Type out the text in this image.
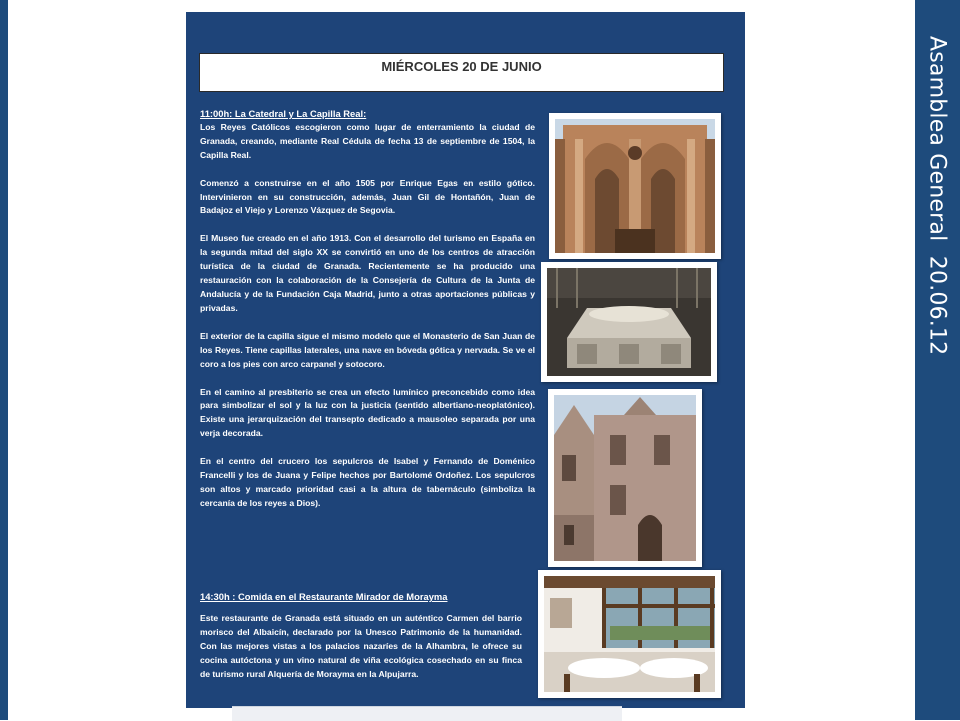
Asamblea General  20.06.12
MIÉRCOLES 20 DE JUNIO
11:00h: La Catedral y La Capilla Real:

Los Reyes Católicos escogieron como lugar de enterramiento la ciudad de Granada, creando, mediante Real Cédula de fecha 13 de septiembre de 1504, la Capilla Real.

Comenzó a construirse en el año 1505 por Enrique Egas en estilo gótico. Intervinieron en su construcción, además, Juan Gil de Hontañón, Juan de Badajoz el Viejo y Lorenzo Vázquez de Segovia.

El Museo fue creado en el año 1913. Con el desarrollo del turismo en España en la segunda mitad del siglo XX se convirtió en uno de los centros de atracción turística de la ciudad de Granada. Recientemente se ha producido una restauración con la colaboración de la Consejería de Cultura de la Junta de Andalucía y de la Fundación Caja Madrid, junto a otras aportaciones públicas y privadas.

El exterior de la capilla sigue el mismo modelo que el Monasterio de San Juan de los Reyes. Tiene capillas laterales, una nave en bóveda gótica y nervada. Se ve el coro a los pies con arco carpanel y sotocoro.

En el camino al presbiterio se crea un efecto lumínico preconcebido como idea para simbolizar el sol y la luz con la justicia (sentido albertiano-neoplatónico). Existe una jerarquización del transepto dedicado a mausoleo separada por una verja decorada.

En el centro del crucero los sepulcros de Isabel y Fernando de Doménico Francelli y los de Juana y Felipe hechos por Bartolomé Ordoñez. Los sepulcros son altos y marcado prioridad casi a la altura de tabernáculo (simboliza la cercanía de los reyes a Dios).

14:30h : Comida en el Restaurante Mirador de Morayma

Este restaurante de Granada está situado en un auténtico Carmen del barrio morisco del Albaicín, declarado por la Unesco Patrimonio de la humanidad. Con las mejores vistas a los palacios nazaríes de la Alhambra, le ofrece su cocina autóctona y un vino natural de viña ecológica cosechado en su finca de turismo rural Alquería de Morayma en la Alpujarra.
